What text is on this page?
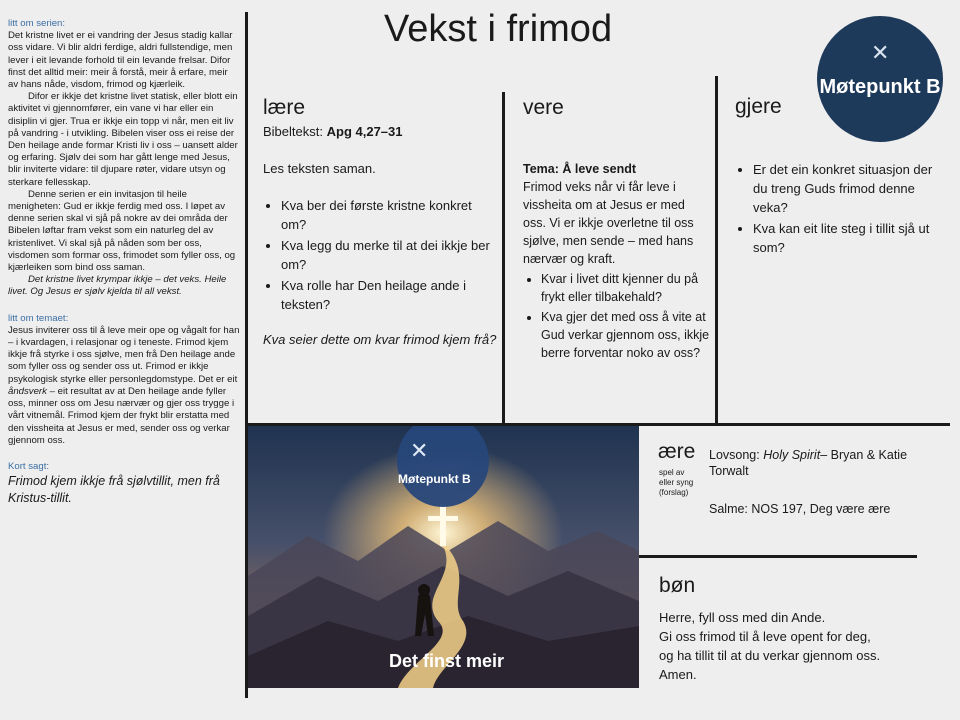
litt om serien:

Det kristne livet er ei vandring der Jesus stadig kallar oss vidare. Vi blir aldri ferdige, aldri fullstendige, men lever i eit levande forhold til ein levande frelsar. Difor finst det alltid meir: meir å forstå, meir å erfare, meir av hans nåde, visdom, frimod og kjærleik.

Difor er ikkje det kristne livet statisk, eller blott ein aktivitet vi gjennomfører, ein vane vi har eller ein disiplin vi gjer. Trua er ikkje ein topp vi når, men eit liv på vandring - i utvikling. Bibelen viser oss ei reise der Den heilage ande formar Kristi liv i oss – uansett alder og erfaring. Sjølv dei som har gått lenge med Jesus, blir inviterte vidare: til djupare røter, vidare utsyn og sterkare fellesskap.

Denne serien er ein invitasjon til heile menigheten: Gud er ikkje ferdig med oss. I løpet av denne serien skal vi sjå på nokre av dei områda der Bibelen løftar fram vekst som ein naturleg del av kristenlivet. Vi skal sjå på nåden som ber oss, visdomen som formar oss, frimodet som fyller oss, og kjærleiken som bind oss saman.

Det kristne livet krympar ikkje – det veks. Heile livet. Og Jesus er sjølv kjelda til all vekst.

litt om temaet:

Jesus inviterer oss til å leve meir ope og vågalt for han – i kvardagen, i relasjonar og i teneste. Frimod kjem ikkje frå styrke i oss sjølve, men frå Den heilage ande som fyller oss og sender oss ut. Frimod er ikkje psykologisk styrke eller personlegdomstype. Det er eit åndsverk – eit resultat av at Den heilage ande fyller oss, minner oss om Jesu nærvær og gjer oss trygge i vårt vitnemål. Frimod kjem der frykt blir erstatta med den vissheita at Jesus er med, sender oss og verkar gjennom oss.

Kort sagt:

Frimod kjem ikkje frå sjølvtillit, men frå Kristus-tillit.

Vekst i frimod
✕
Møtepunkt B
lære
Bibeltekst: Apg 4,27–31
Les teksten saman.
• Kva ber dei første kristne konkret om?
• Kva legg du merke til at dei ikkje ber om?
• Kva rolle har Den heilage ande i teksten?
Kva seier dette om kvar frimod kjem frå?
vere
Tema: Å leve sendt
Frimod veks når vi får leve i vissheita om at Jesus er med oss. Vi er ikkje overletne til oss sjølve, men sende – med hans nærvær og kraft.
• Kvar i livet ditt kjenner du på frykt eller tilbakehald?
• Kva gjer det med oss å vite at Gud verkar gjennom oss, ikkje berre forventar noko av oss?
gjere
• Er det ein konkret situasjon der du treng Guds frimod denne veka?
• Kva kan eit lite steg i tillit sjå ut som?
✕
Møtepunkt B
Det finst meir
ære
spel av
eller syng
(forslag)
Lovsong: Holy Spirit– Bryan & Katie Torwalt
Salme: NOS 197, Deg være ære
bøn
Herre, fyll oss med din Ande.
Gi oss frimod til å leve opent for deg,
og ha tillit til at du verkar gjennom oss.
Amen.
